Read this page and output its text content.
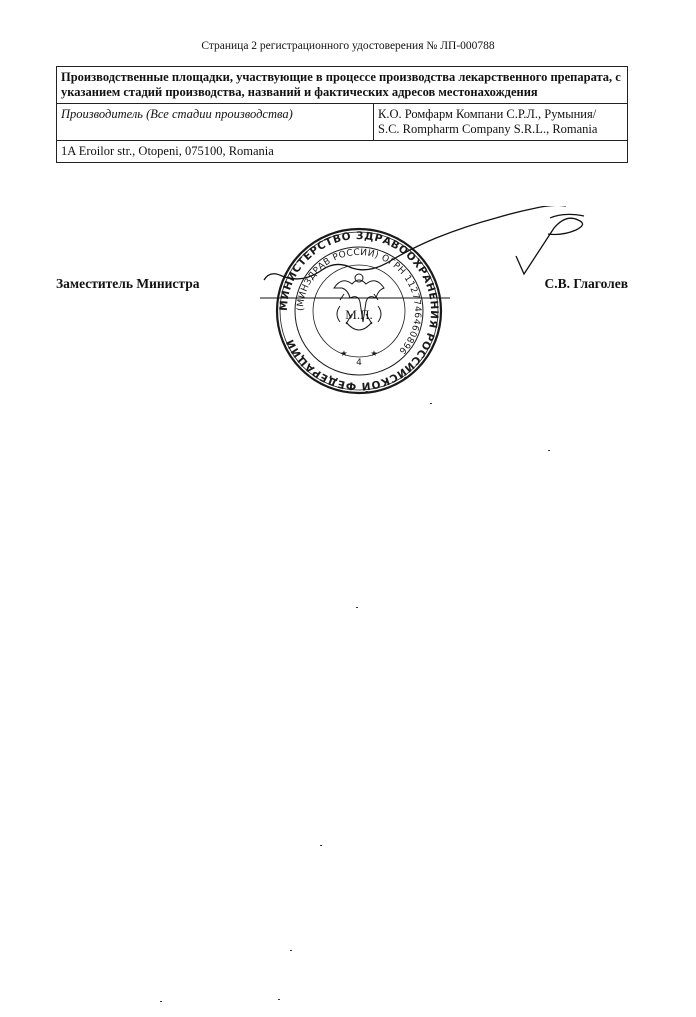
Страница 2 регистрационного удостоверения № ЛП-000788
Производственные площадки, участвующие в процессе производства лекарственного препарата, с указанием стадий производства, названий и фактических адресов местонахождения
Производитель (Все стадии производства)	К.О. Ромфарм Компани С.Р.Л., Румыния/
S.C. Rompharm Company S.R.L., Romania

1A Eroilor str., Otopeni, 075100, Romania
МИНИСТЕРСТВО ЗДРАВООХРАНЕНИЯ РОССИЙСКОЙ ФЕДЕРАЦИИ
(МИНЗДРАВ РОССИИ) ОГРН 1127746460896
М.П.
4
★	★
Заместитель Министра	С.В. Глаголев
